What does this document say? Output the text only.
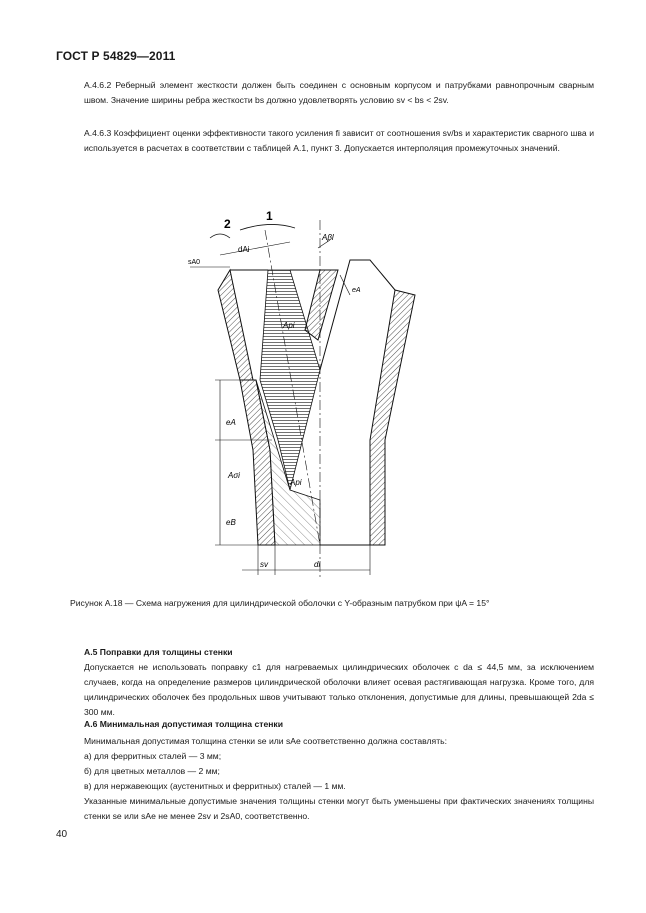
ГОСТ Р 54829—2011

А.4.6.2 Реберный элемент жесткости должен быть соединен с основным корпусом и патрубками равнопрочным сварным швом. Значение ширины ребра жесткости bs должно удовлетворять условию sv < bs < 2sv.

А.4.6.3 Коэффициент оценки эффективности такого усиления fi зависит от соотношения sv/bs и характеристик сварного шва и используется в расчетах в соответствии с таблицей А.1, пункт 3. Допускается интерполяция промежуточных значений.

2
1
dAi
sA0
Aβl
eA
Api
eA
Aσi
Api
eB
sv	di
Рисунок А.18 — Схема нагружения для цилиндрической оболочки с Y-образным патрубком при ψA = 15°
А.5 Поправки для толщины стенки

Допускается не использовать поправку c1 для нагреваемых цилиндрических оболочек с da ≤ 44,5 мм, за исключением случаев, когда на определение размеров цилиндрической оболочки влияет осевая растягивающая нагрузка. Кроме того, для цилиндрических оболочек без продольных швов учитывают только отклонения, допустимые для длины, превышающей 2da ≤ 300 мм.

А.6 Минимальная допустимая толщина стенки

Минимальная допустимая толщина стенки se или sAe соответственно должна составлять:

а) для ферритных сталей — 3 мм;

б) для цветных металлов — 2 мм;

в) для нержавеющих (аустенитных и ферритных) сталей — 1 мм.

Указанные минимальные допустимые значения толщины стенки могут быть уменьшены при фактических значениях толщины стенки se или sAe не менее 2sv и 2sA0, соответственно.

40
